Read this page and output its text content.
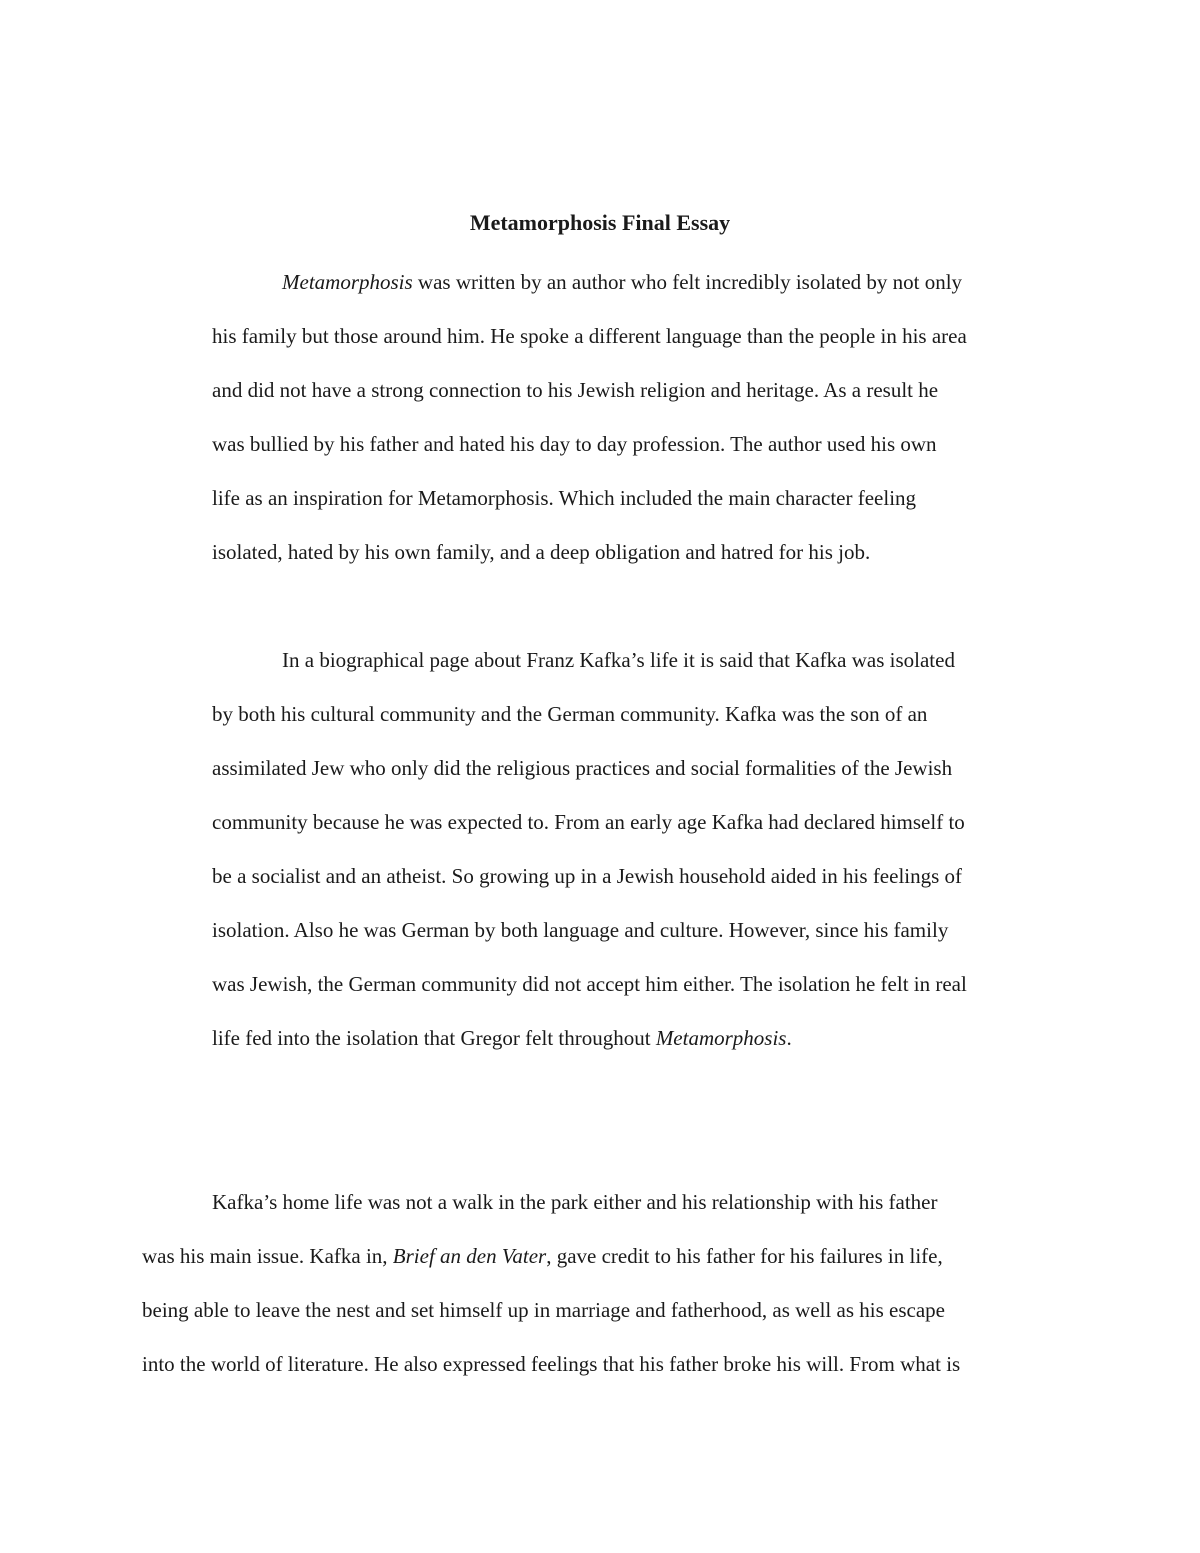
Metamorphosis Final Essay
Metamorphosis was written by an author who felt incredibly isolated by not only
his family but those around him. He spoke a different language than the people in his area
and did not have a strong connection to his Jewish religion and heritage. As a result he
was bullied by his father and hated his day to day profession. The author used his own
life as an inspiration for Metamorphosis. Which included the main character feeling
isolated, hated by his own family, and a deep obligation and hatred for his job.
In a biographical page about Franz Kafka’s life it is said that Kafka was isolated
by both his cultural community and the German community. Kafka was the son of an
assimilated Jew who only did the religious practices and social formalities of the Jewish
community because he was expected to. From an early age Kafka had declared himself to
be a socialist and an atheist. So growing up in a Jewish household aided in his feelings of
isolation. Also he was German by both language and culture. However, since his family
was Jewish, the German community did not accept him either. The isolation he felt in real
life fed into the isolation that Gregor felt throughout Metamorphosis.
Kafka’s home life was not a walk in the park either and his relationship with his father
was his main issue. Kafka in, Brief an den Vater, gave credit to his father for his failures in life,
being able to leave the nest and set himself up in marriage and fatherhood, as well as his escape
into the world of literature. He also expressed feelings that his father broke his will. From what is
